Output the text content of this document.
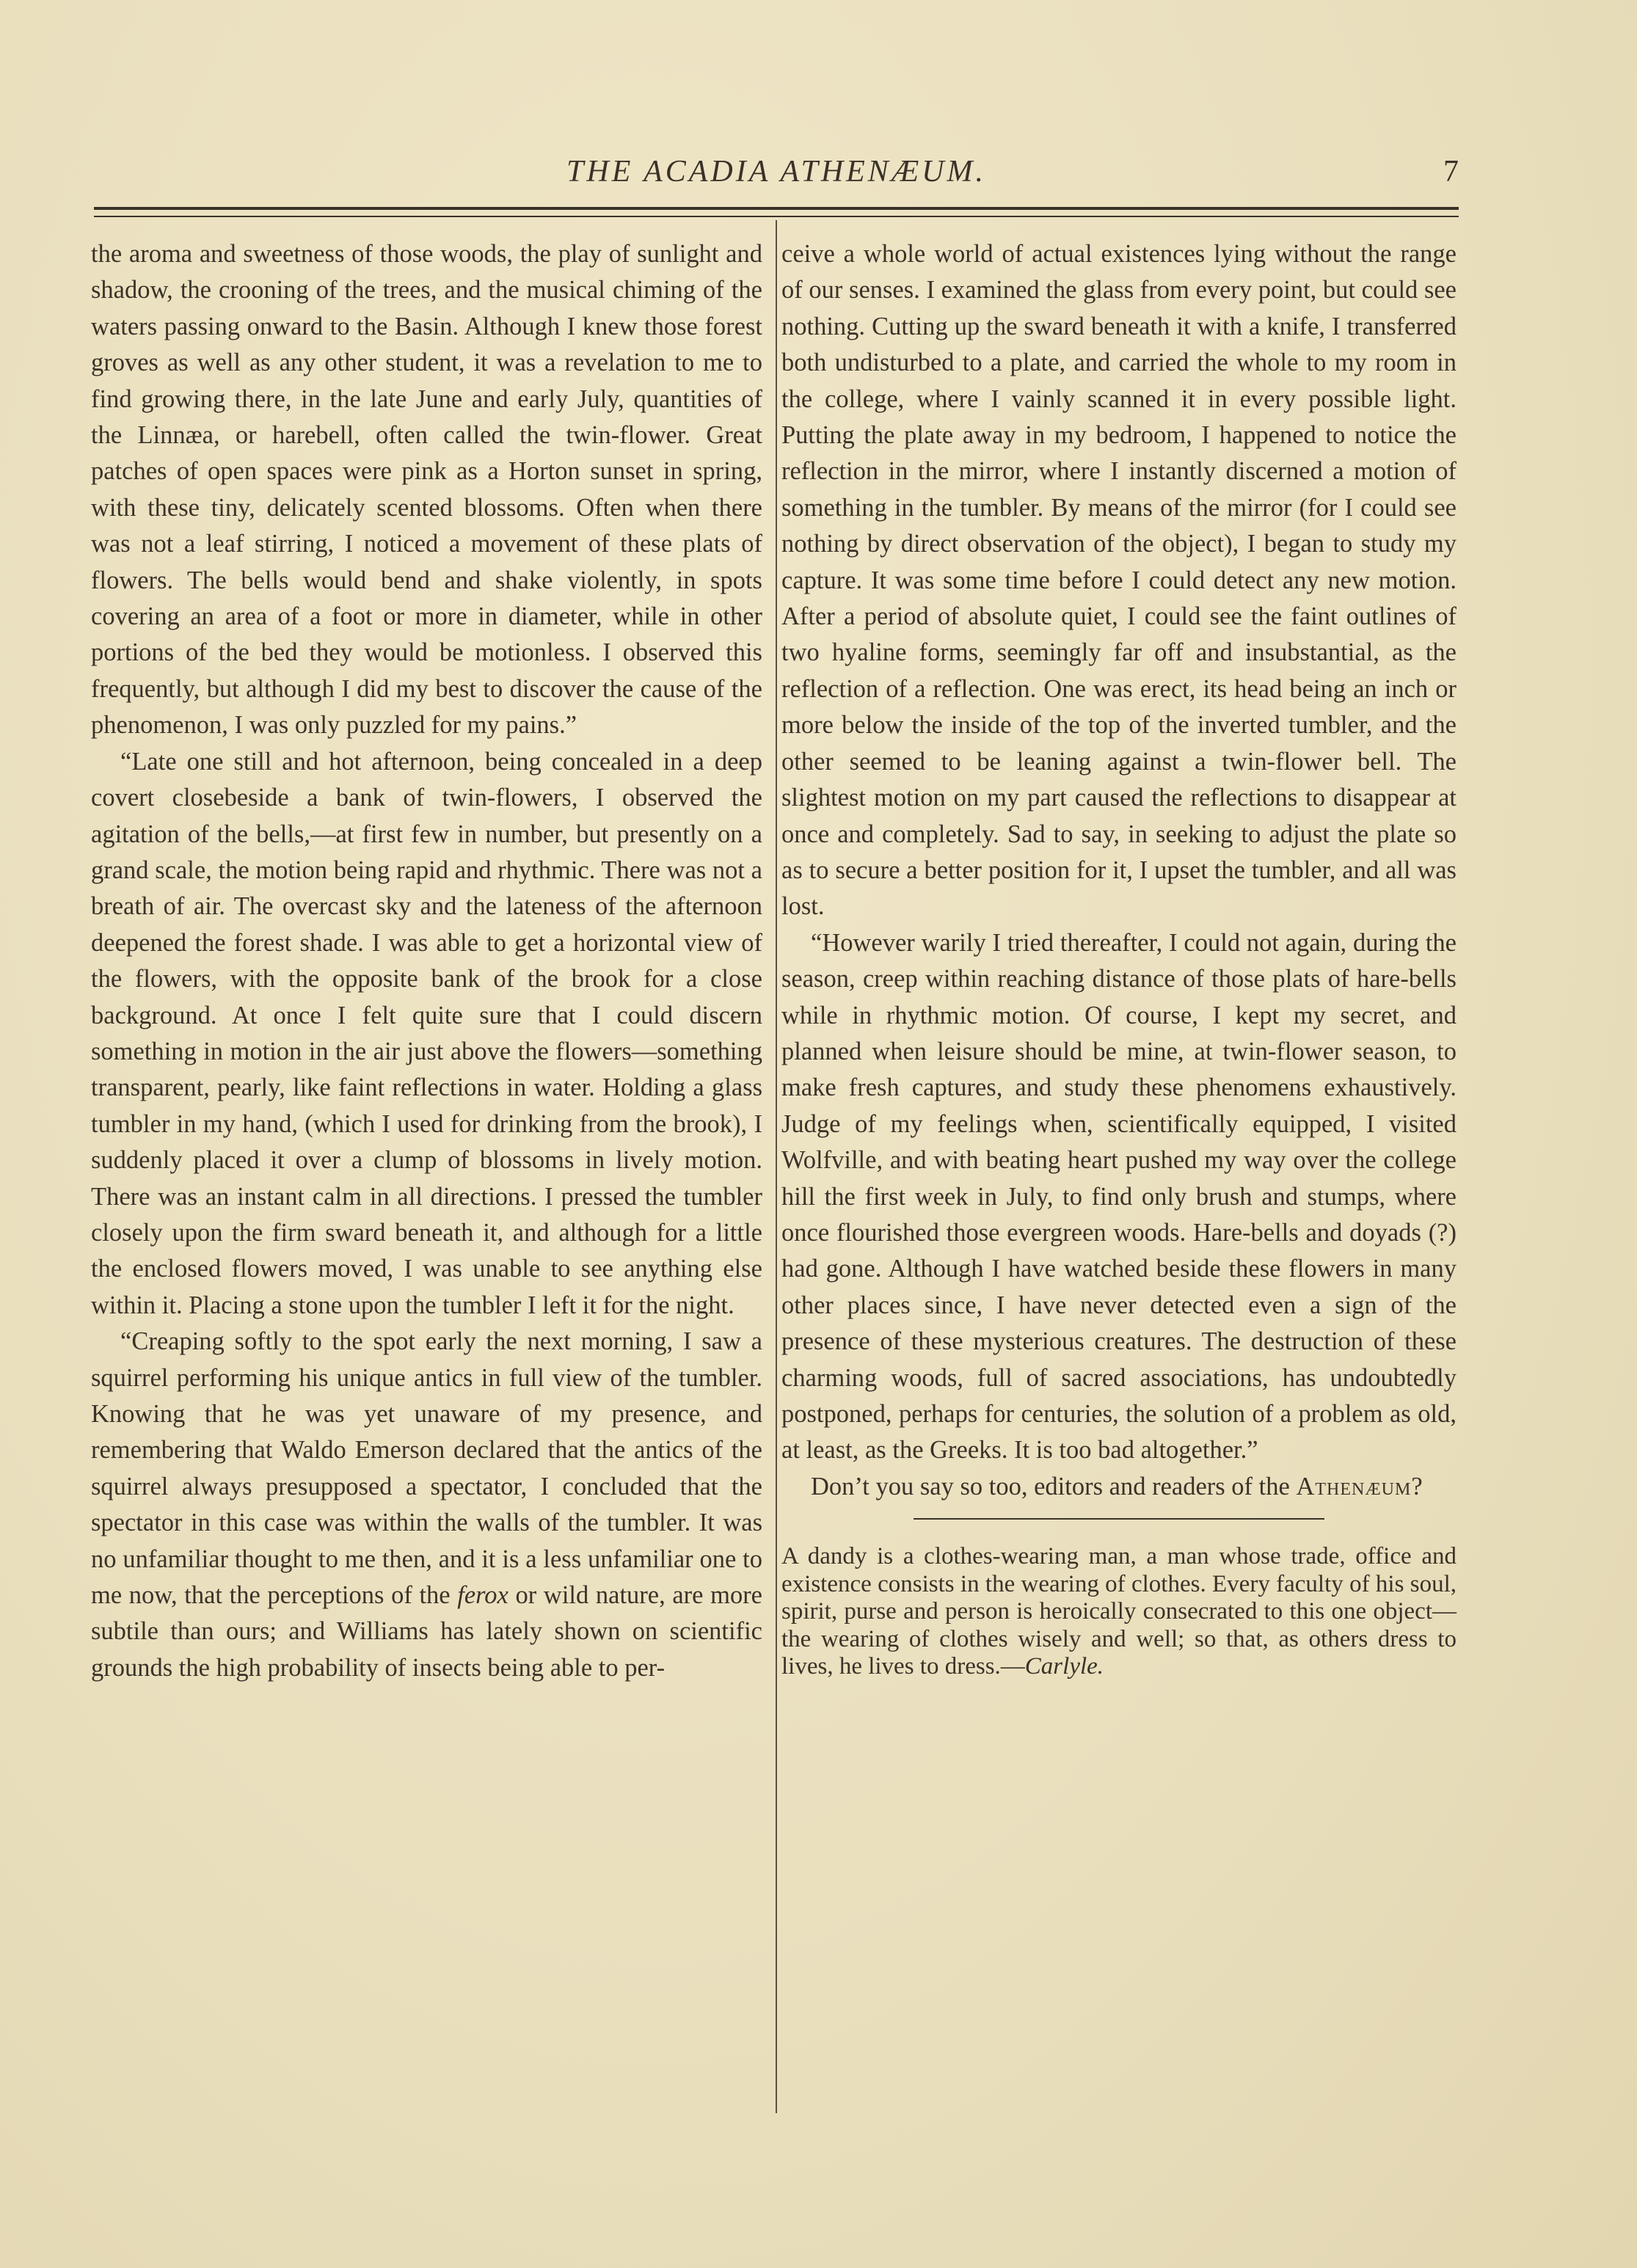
THE ACADIA ATHENÆUM.	7

the aroma and sweetness of those woods, the play of sunlight and shadow, the crooning of the trees, and the musical chiming of the waters passing onward to the Basin. Although I knew those forest groves as well as any other student, it was a revelation to me to find growing there, in the late June and early July, quantities of the Linnæa, or harebell, often called the twin-flower. Great patches of open spaces were pink as a Horton sunset in spring, with these tiny, delicately scented blossoms. Often when there was not a leaf stirring, I noticed a movement of these plats of flowers. The bells would bend and shake violently, in spots covering an area of a foot or more in diameter, while in other portions of the bed they would be motionless. I observed this frequently, but although I did my best to discover the cause of the phenomenon, I was only puzzled for my pains.”

“Late one still and hot afternoon, being concealed in a deep covert closebeside a bank of twin-flowers, I observed the agitation of the bells,—at first few in number, but presently on a grand scale, the motion being rapid and rhythmic. There was not a breath of air. The overcast sky and the lateness of the afternoon deepened the forest shade. I was able to get a horizontal view of the flowers, with the opposite bank of the brook for a close background. At once I felt quite sure that I could discern something in motion in the air just above the flowers—something transparent, pearly, like faint reflections in water. Holding a glass tumbler in my hand, (which I used for drinking from the brook), I suddenly placed it over a clump of blossoms in lively motion. There was an instant calm in all directions. I pressed the tumbler closely upon the firm sward beneath it, and although for a little the enclosed flowers moved, I was unable to see anything else within it. Placing a stone upon the tumbler I left it for the night.

“Creaping softly to the spot early the next morning, I saw a squirrel performing his unique antics in full view of the tumbler. Knowing that he was yet unaware of my presence, and remembering that Waldo Emerson declared that the antics of the squirrel always presupposed a spectator, I concluded that the spectator in this case was within the walls of the tumbler. It was no unfamiliar thought to me then, and it is a less unfamiliar one to me now, that the perceptions of the ferox or wild nature, are more subtile than ours; and Williams has lately shown on scientific grounds the high probability of insects being able to per-

ceive a whole world of actual existences lying without the range of our senses. I examined the glass from every point, but could see nothing. Cutting up the sward beneath it with a knife, I transferred both undisturbed to a plate, and carried the whole to my room in the college, where I vainly scanned it in every possible light. Putting the plate away in my bedroom, I happened to notice the reflection in the mirror, where I instantly discerned a motion of something in the tumbler. By means of the mirror (for I could see nothing by direct observation of the object), I began to study my capture. It was some time before I could detect any new motion. After a period of absolute quiet, I could see the faint outlines of two hyaline forms, seemingly far off and insubstantial, as the reflection of a reflection. One was erect, its head being an inch or more below the inside of the top of the inverted tumbler, and the other seemed to be leaning against a twin-flower bell. The slightest motion on my part caused the reflections to disappear at once and completely. Sad to say, in seeking to adjust the plate so as to secure a better position for it, I upset the tumbler, and all was lost.

“However warily I tried thereafter, I could not again, during the season, creep within reaching distance of those plats of hare-bells while in rhythmic motion. Of course, I kept my secret, and planned when leisure should be mine, at twin-flower season, to make fresh captures, and study these phenomens exhaustively. Judge of my feelings when, scientifically equipped, I visited Wolfville, and with beating heart pushed my way over the college hill the first week in July, to find only brush and stumps, where once flourished those evergreen woods. Hare-bells and doyads (?) had gone. Although I have watched beside these flowers in many other places since, I have never detected even a sign of the presence of these mysterious creatures. The destruction of these charming woods, full of sacred associations, has undoubtedly postponed, perhaps for centuries, the solution of a problem as old, at least, as the Greeks. It is too bad altogether.”

Don’t you say so too, editors and readers of the Athenæum?

A dandy is a clothes-wearing man, a man whose trade, office and existence consists in the wearing of clothes. Every faculty of his soul, spirit, purse and person is heroically consecrated to this one object—the wearing of clothes wisely and well; so that, as others dress to lives, he lives to dress.—Carlyle.
